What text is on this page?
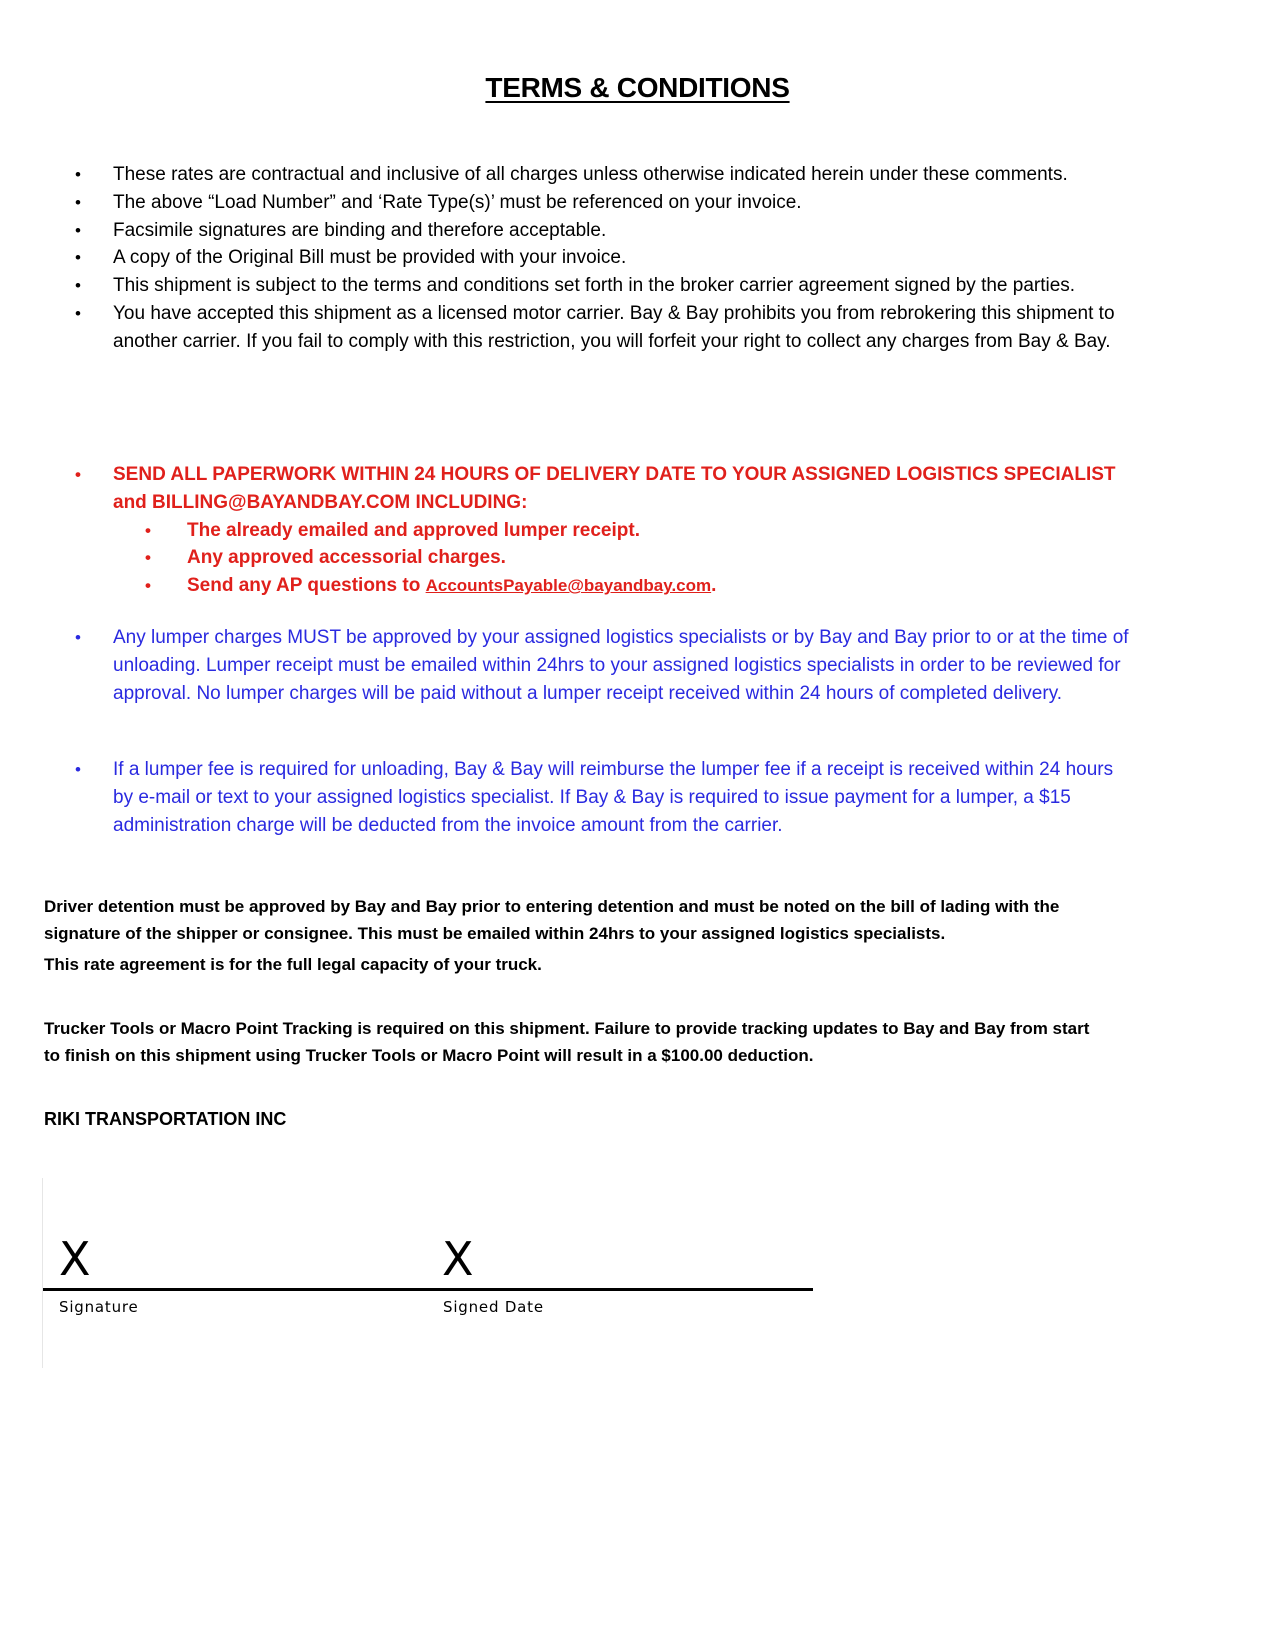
TERMS & CONDITIONS
• These rates are contractual and inclusive of all charges unless otherwise indicated herein under these comments.
• The above “Load Number” and ‘Rate Type(s)’ must be referenced on your invoice.
• Facsimile signatures are binding and therefore acceptable.
• A copy of the Original Bill must be provided with your invoice.
• This shipment is subject to the terms and conditions set forth in the broker carrier agreement signed by the parties.
• You have accepted this shipment as a licensed motor carrier. Bay & Bay prohibits you from rebrokering this shipment to another carrier. If you fail to comply with this restriction, you will forfeit your right to collect any charges from Bay & Bay.
• SEND ALL PAPERWORK WITHIN 24 HOURS OF DELIVERY DATE TO YOUR ASSIGNED LOGISTICS SPECIALIST and BILLING@BAYANDBAY.COM INCLUDING:
• The already emailed and approved lumper receipt.
• Any approved accessorial charges.
• Send any AP questions to AccountsPayable@bayandbay.com.
• Any lumper charges MUST be approved by your assigned logistics specialists or by Bay and Bay prior to or at the time of unloading. Lumper receipt must be emailed within 24hrs to your assigned logistics specialists in order to be reviewed for approval. No lumper charges will be paid without a lumper receipt received within 24 hours of completed delivery.
• If a lumper fee is required for unloading, Bay & Bay will reimburse the lumper fee if a receipt is received within 24 hours by e-mail or text to your assigned logistics specialist. If Bay & Bay is required to issue payment for a lumper, a $15 administration charge will be deducted from the invoice amount from the carrier.
Driver detention must be approved by Bay and Bay prior to entering detention and must be noted on the bill of lading with the signature of the shipper or consignee. This must be emailed within 24hrs to your assigned logistics specialists.
This rate agreement is for the full legal capacity of your truck.
Trucker Tools or Macro Point Tracking is required on this shipment. Failure to provide tracking updates to Bay and Bay from start to finish on this shipment using Trucker Tools or Macro Point will result in a $100.00 deduction.
RIKI TRANSPORTATION INC
X	X
Signature	Signed Date
